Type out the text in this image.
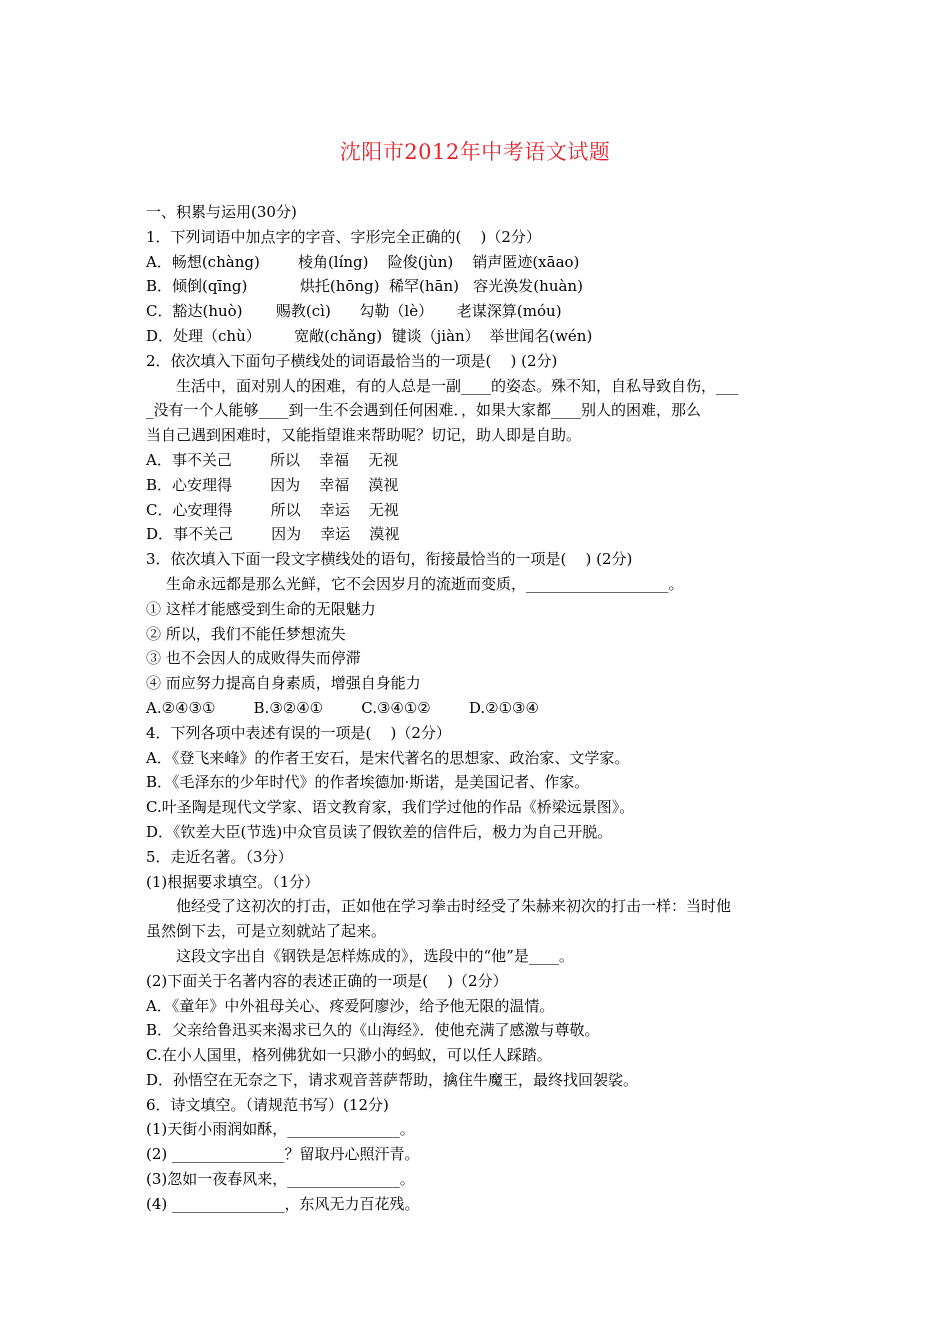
沈阳市2012年中考语文试题
一、积累与运用(30分)
1．下列词语中加点字的字音、字形完全正确的(    )（2分）
A．畅想(chàng)        棱角(líng)    险俊(jùn)    销声匿迹(xāao)
B．倾倒(qīng)           烘托(hōng)  稀罕(hān)   容光涣发(huàn)
C．豁达(huò)       赐教(cì)      勾勒（lè）     老谋深算(móu)
D．处理（chù）       宽敞(chǎng)  键谈（jiàn）  举世闻名(wén)
2．依次填入下面句子横线处的词语最恰当的一项是(    ) (2分)
生活中，面对别人的困难，有的人总是一副____的姿态。殊不知，自私导致自伤，___
_没有一个人能够____到一生不会遇到任何困难．，如果大家都____别人的困难，那么
当自己遇到困难时，又能指望谁来帮助呢？切记，助人即是自助。
A．事不关己        所以    幸福    无视
B．心安理得        因为    幸福    漠视
C．心安理得        所以    幸运    无视
D．事不关己        因为    幸运    漠视
3．依次填入下面一段文字横线处的语句，衔接最恰当的一项是(    ) (2分)
生命永远都是那么光鲜，它不会因岁月的流逝而变质，___________________。
① 这样才能感受到生命的无限魅力
② 所以，我们不能任梦想流失
③ 也不会因人的成败得失而停滞
④ 而应努力提高自身素质，增强自身能力
A.②④③①        B.③②④①        C.③④①②        D.②①③④
4．下列各项中表述有误的一项是(    )（2分）
A．《登飞来峰》的作者王安石，是宋代著名的思想家、政治家、文学家。
B．《毛泽东的少年时代》的作者埃德加·斯诺，是美国记者、作家。
C.叶圣陶是现代文学家、语文教育家，我们学过他的作品《桥梁远景图》。
D．《钦差大臣(节选)中众官员读了假钦差的信件后，极力为自己开脱。
5．走近名著。（3分）
(1)根据要求填空。（1分）
他经受了这初次的打击，正如他在学习拳击时经受了朱赫来初次的打击一样：当时他
虽然倒下去，可是立刻就站了起来。
这段文字出自《钢铁是怎样炼成的》，选段中的“他”是____。
(2)下面关于名著内容的表述正确的一项是(    )（2分）
A．《童年》中外祖母关心、疼爱阿廖沙，给予他无限的温情。
B．父亲给鲁迅买来渴求已久的《山海经》．使他充满了感激与尊敬。
C.在小人国里，格列佛犹如一只渺小的蚂蚁，可以任人踩踏。
D．孙悟空在无奈之下，请求观音菩萨帮助，擒住牛魔王，最终找回袈裟。
6．诗文填空。（请规范书写）(12分)
(1)天街小雨润如酥，_______________。
(2) _______________？留取丹心照汗青。
(3)忽如一夜春风来，_______________。
(4) _______________，东风无力百花残。
